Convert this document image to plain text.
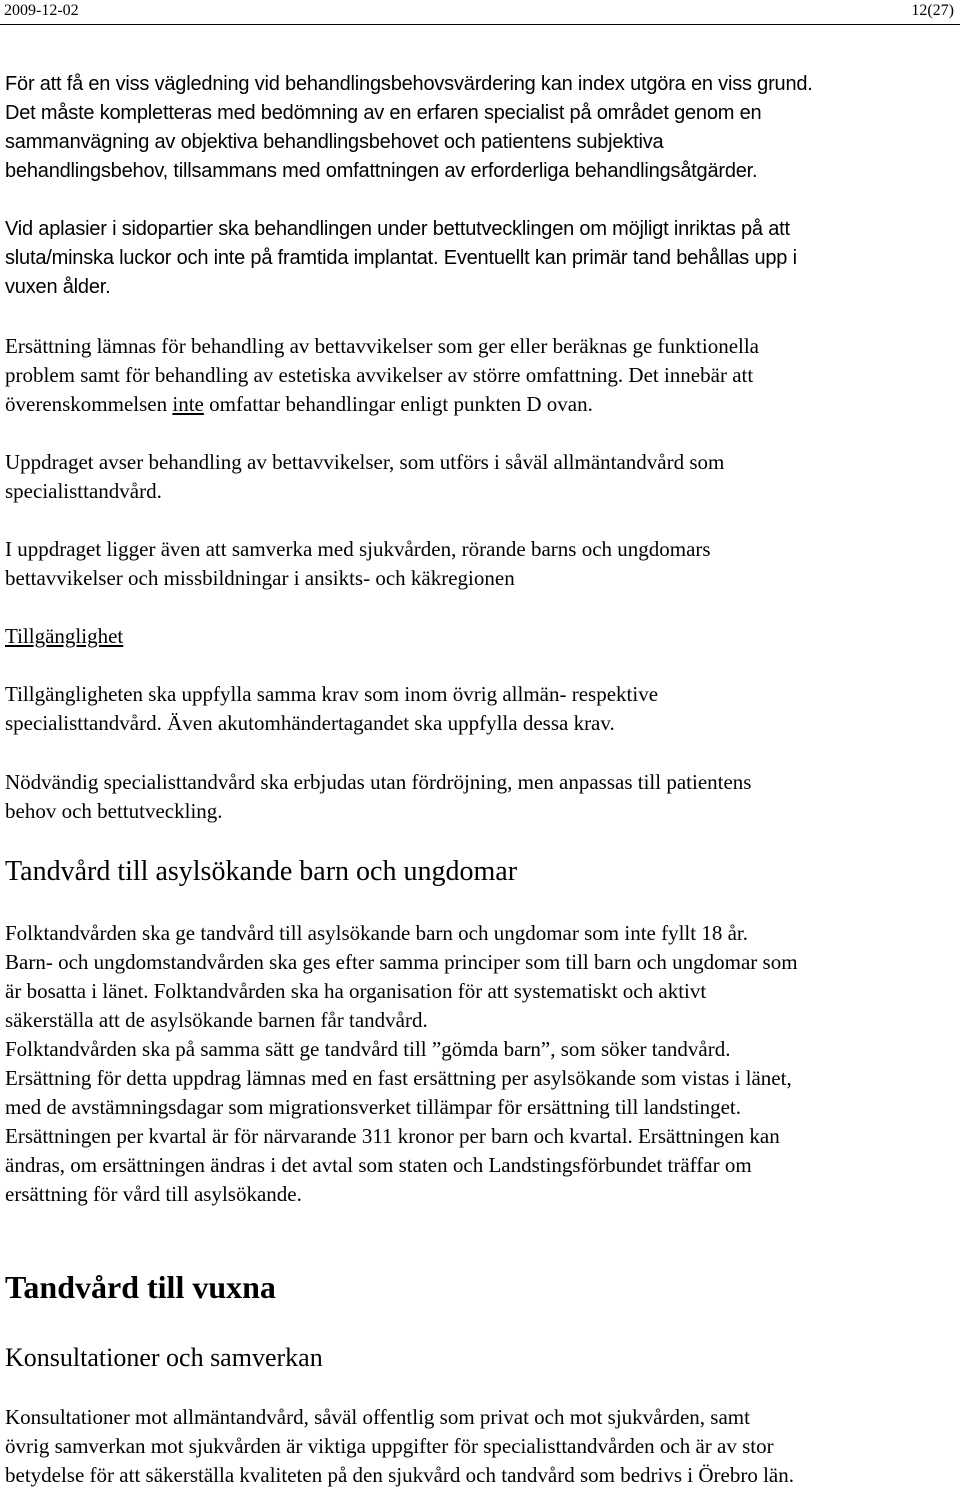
2009-12-02	12(27)
För att få en viss vägledning vid behandlingsbehovsvärdering kan index utgöra en viss grund.
Det måste kompletteras med bedömning av en erfaren specialist på området genom en
sammanvägning av objektiva behandlingsbehovet och patientens subjektiva
behandlingsbehov, tillsammans med omfattningen av erforderliga behandlingsåtgärder.
Vid aplasier i sidopartier ska behandlingen under bettutvecklingen om möjligt inriktas på att
sluta/minska luckor och inte på framtida implantat. Eventuellt kan primär tand behållas upp i
vuxen ålder.
Ersättning lämnas för behandling av bettavvikelser som ger eller beräknas ge funktionella
problem samt för behandling av estetiska avvikelser av större omfattning. Det innebär att
överenskommelsen inte omfattar behandlingar enligt punkten D ovan.
Uppdraget avser behandling av bettavvikelser, som utförs i såväl allmäntandvård som
specialisttandvård.
I uppdraget ligger även att samverka med sjukvården, rörande barns och ungdomars
bettavvikelser och missbildningar i ansikts- och käkregionen
Tillgänglighet
Tillgängligheten ska uppfylla samma krav som inom övrig allmän- respektive
specialisttandvård. Även akutomhändertagandet ska uppfylla dessa krav.
Nödvändig specialisttandvård ska erbjudas utan fördröjning, men anpassas till patientens
behov och bettutveckling.
Tandvård till asylsökande barn och ungdomar
Folktandvården ska ge tandvård till asylsökande barn och ungdomar som inte fyllt 18 år.
Barn- och ungdomstandvården ska ges efter samma principer som till barn och ungdomar som
är bosatta i länet. Folktandvården ska ha organisation för att systematiskt och aktivt
säkerställa att de asylsökande barnen får tandvård.
Folktandvården ska på samma sätt ge tandvård till ”gömda barn”, som söker tandvård.
Ersättning för detta uppdrag lämnas med en fast ersättning per asylsökande som vistas i länet,
med de avstämningsdagar som migrationsverket tillämpar för ersättning till landstinget.
Ersättningen per kvartal är för närvarande 311 kronor per barn och kvartal. Ersättningen kan
ändras, om ersättningen ändras i det avtal som staten och Landstingsförbundet träffar om
ersättning för vård till asylsökande.
Tandvård till vuxna
Konsultationer och samverkan
Konsultationer mot allmäntandvård, såväl offentlig som privat och mot sjukvården, samt
övrig samverkan mot sjukvården är viktiga uppgifter för specialisttandvården och är av stor
betydelse för att säkerställa kvaliteten på den sjukvård och tandvård som bedrivs i Örebro län.
